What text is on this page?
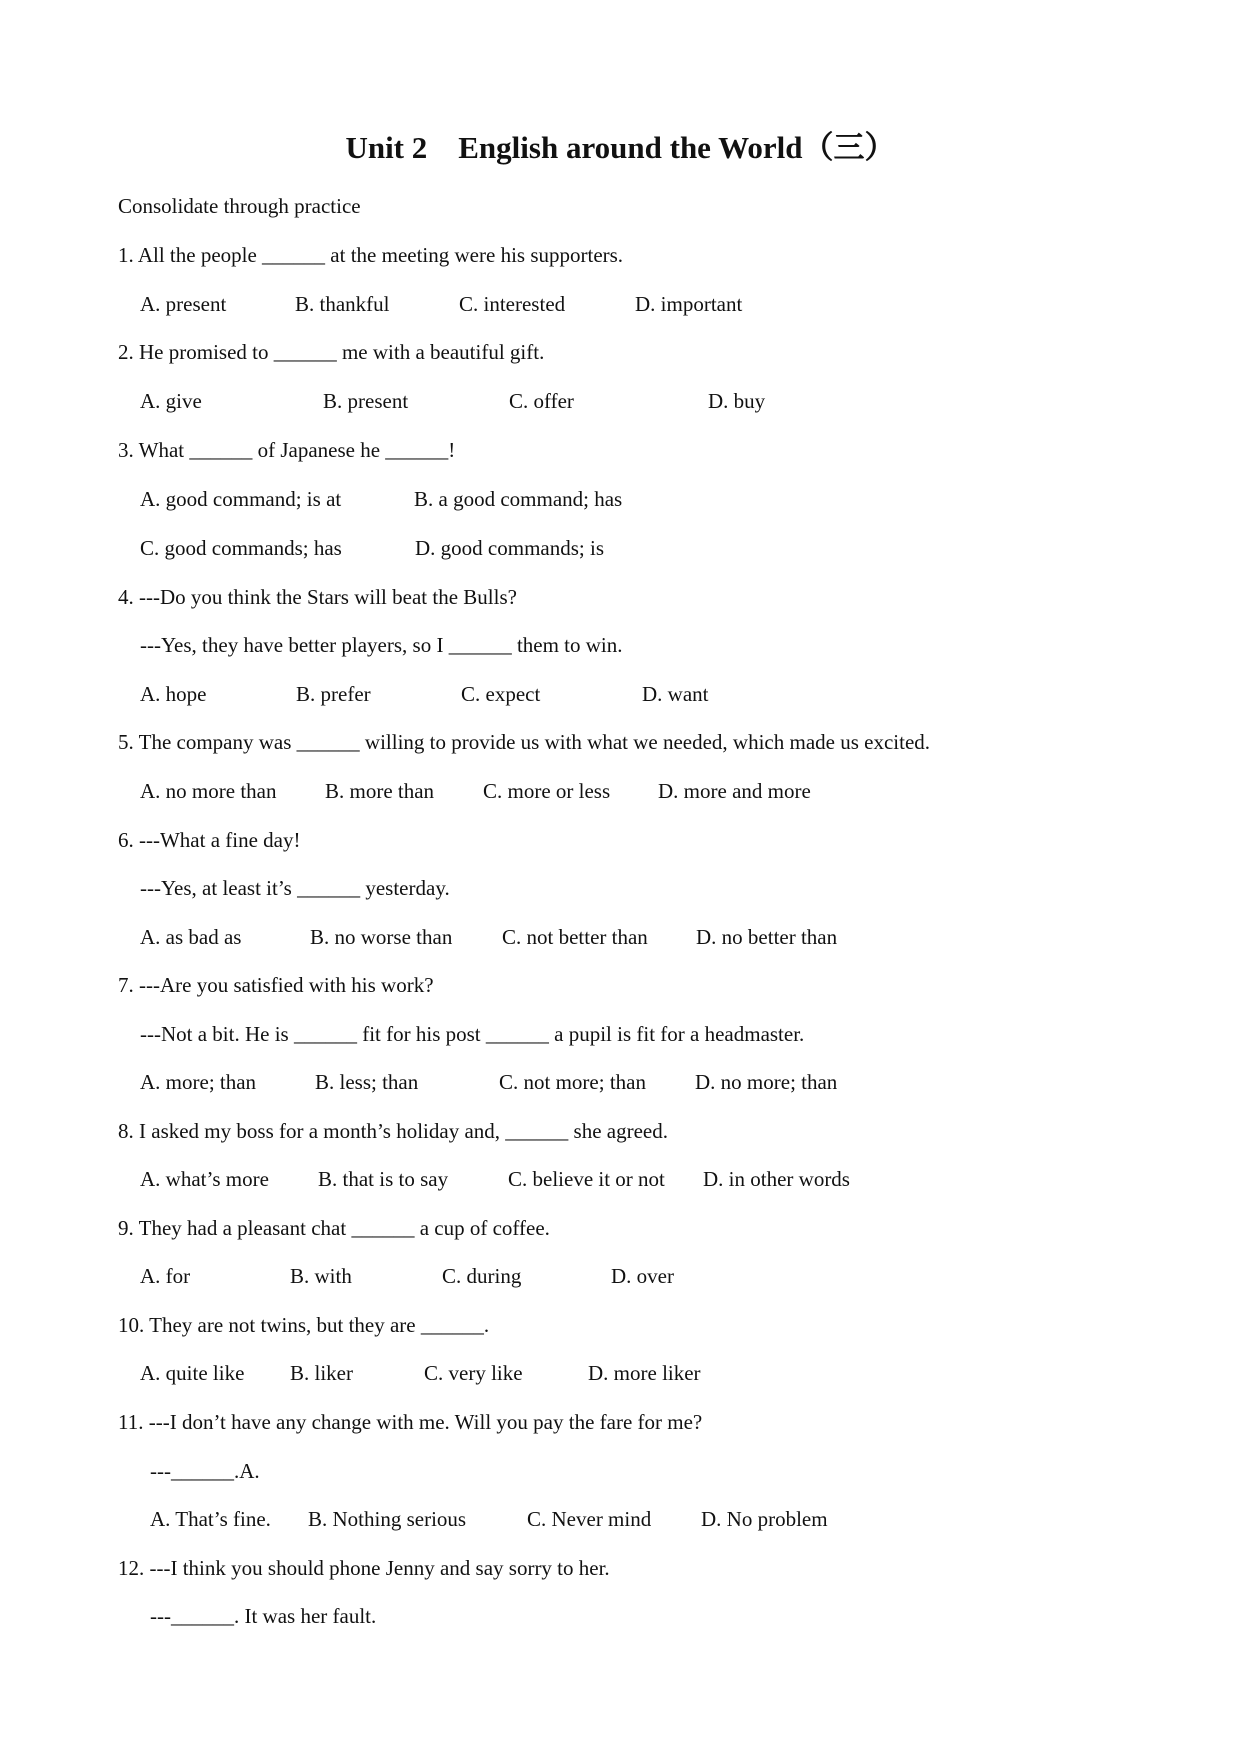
Unit 2    English around the World（三）
Consolidate through practice
1. All the people ______ at the meeting were his supporters.
A. present	B. thankful	C. interested	D. important
2. He promised to ______ me with a beautiful gift.
A. give	B. present	C. offer	D. buy
3. What ______ of Japanese he ______!
A. good command; is at	B. a good command; has
C. good commands; has	D. good commands; is
4. ---Do you think the Stars will beat the Bulls?
---Yes, they have better players, so I ______ them to win.
A. hope	B. prefer	C. expect	D. want
5. The company was ______ willing to provide us with what we needed, which made us excited.
A. no more than B. more than C. more or less D. more and more
6. ---What a fine day!
---Yes, at least it’s ______ yesterday.
A. as bad as	B. no worse than C. not better than D. no better than
7. ---Are you satisfied with his work?
---Not a bit. He is ______ fit for his post ______ a pupil is fit for a headmaster.
A. more; than	B. less; than	C. not more; than D. no more; than
8. I asked my boss for a month’s holiday and, ______ she agreed.
A. what’s more B. that is to say	C. believe it or not D. in other words
9. They had a pleasant chat ______ a cup of coffee.
A. for	B. with	C. during	D. over
10. They are not twins, but they are ______.
A. quite like B. liker	C. very like	D. more liker
11. ---I don’t have any change with me. Will you pay the fare for me?
---______.A.
A. That’s fine. B. Nothing serious	C. Never mind D. No problem
12. ---I think you should phone Jenny and say sorry to her.
---______. It was her fault.
